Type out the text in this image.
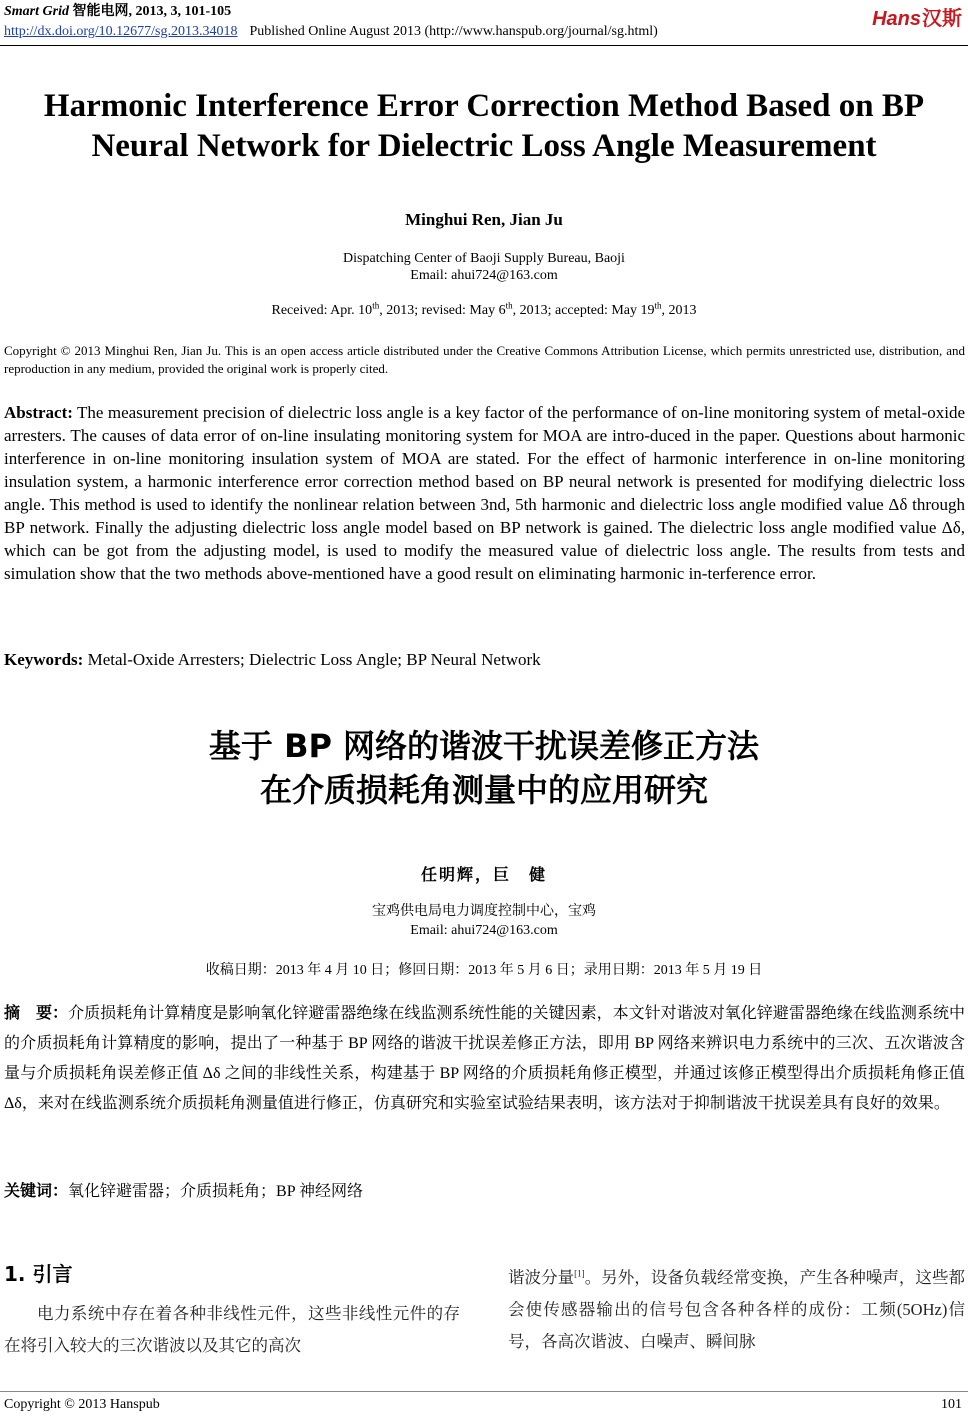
Smart Grid 智能电网, 2013, 3, 101-105
http://dx.doi.org/10.12677/sg.2013.34018 Published Online August 2013 (http://www.hanspub.org/journal/sg.html)
Hans汉斯
Harmonic Interference Error Correction Method Based on BP
Neural Network for Dielectric Loss Angle Measurement
Minghui Ren, Jian Ju
Dispatching Center of Baoji Supply Bureau, Baoji
Email: ahui724@163.com
Received: Apr. 10th, 2013; revised: May 6th, 2013; accepted: May 19th, 2013
Copyright © 2013 Minghui Ren, Jian Ju. This is an open access article distributed under the Creative Commons Attribution License, which permits unrestricted use, distribution, and reproduction in any medium, provided the original work is properly cited.
Abstract: The measurement precision of dielectric loss angle is a key factor of the performance of on-line monitoring system of metal-oxide arresters. The causes of data error of on-line insulating monitoring system for MOA are intro-duced in the paper. Questions about harmonic interference in on-line monitoring insulation system of MOA are stated. For the effect of harmonic interference in on-line monitoring insulation system, a harmonic interference error correction method based on BP neural network is presented for modifying dielectric loss angle. This method is used to identify the nonlinear relation between 3nd, 5th harmonic and dielectric loss angle modified value Δδ through BP network. Finally the adjusting dielectric loss angle model based on BP network is gained. The dielectric loss angle modified value Δδ, which can be got from the adjusting model, is used to modify the measured value of dielectric loss angle. The results from tests and simulation show that the two methods above-mentioned have a good result on eliminating harmonic in-terference error.
Keywords: Metal-Oxide Arresters; Dielectric Loss Angle; BP Neural Network
基于 BP 网络的谐波干扰误差修正方法
在介质损耗角测量中的应用研究
任明辉，巨　健
宝鸡供电局电力调度控制中心，宝鸡
Email: ahui724@163.com
收稿日期：2013 年 4 月 10 日；修回日期：2013 年 5 月 6 日；录用日期：2013 年 5 月 19 日
摘　要：介质损耗角计算精度是影响氧化锌避雷器绝缘在线监测系统性能的关键因素，本文针对谐波对氧化锌避雷器绝缘在线监测系统中的介质损耗角计算精度的影响，提出了一种基于 BP 网络的谐波干扰误差修正方法，即用 BP 网络来辨识电力系统中的三次、五次谐波含量与介质损耗角误差修正值 Δδ 之间的非线性关系，构建基于 BP 网络的介质损耗角修正模型，并通过该修正模型得出介质损耗角修正值 Δδ，来对在线监测系统介质损耗角测量值进行修正，仿真研究和实验室试验结果表明，该方法对于抑制谐波干扰误差具有良好的效果。
关键词：氧化锌避雷器；介质损耗角；BP 神经网络
1. 引言
电力系统中存在着各种非线性元件，这些非线性元件的存在将引入较大的三次谐波以及其它的高次
谐波分量[1]。另外，设备负载经常变换，产生各种噪声，这些都会使传感器输出的信号包含各种各样的成份：工频(5OHz)信号，各高次谐波、白噪声、瞬间脉
Copyright © 2013 Hanspub	101
